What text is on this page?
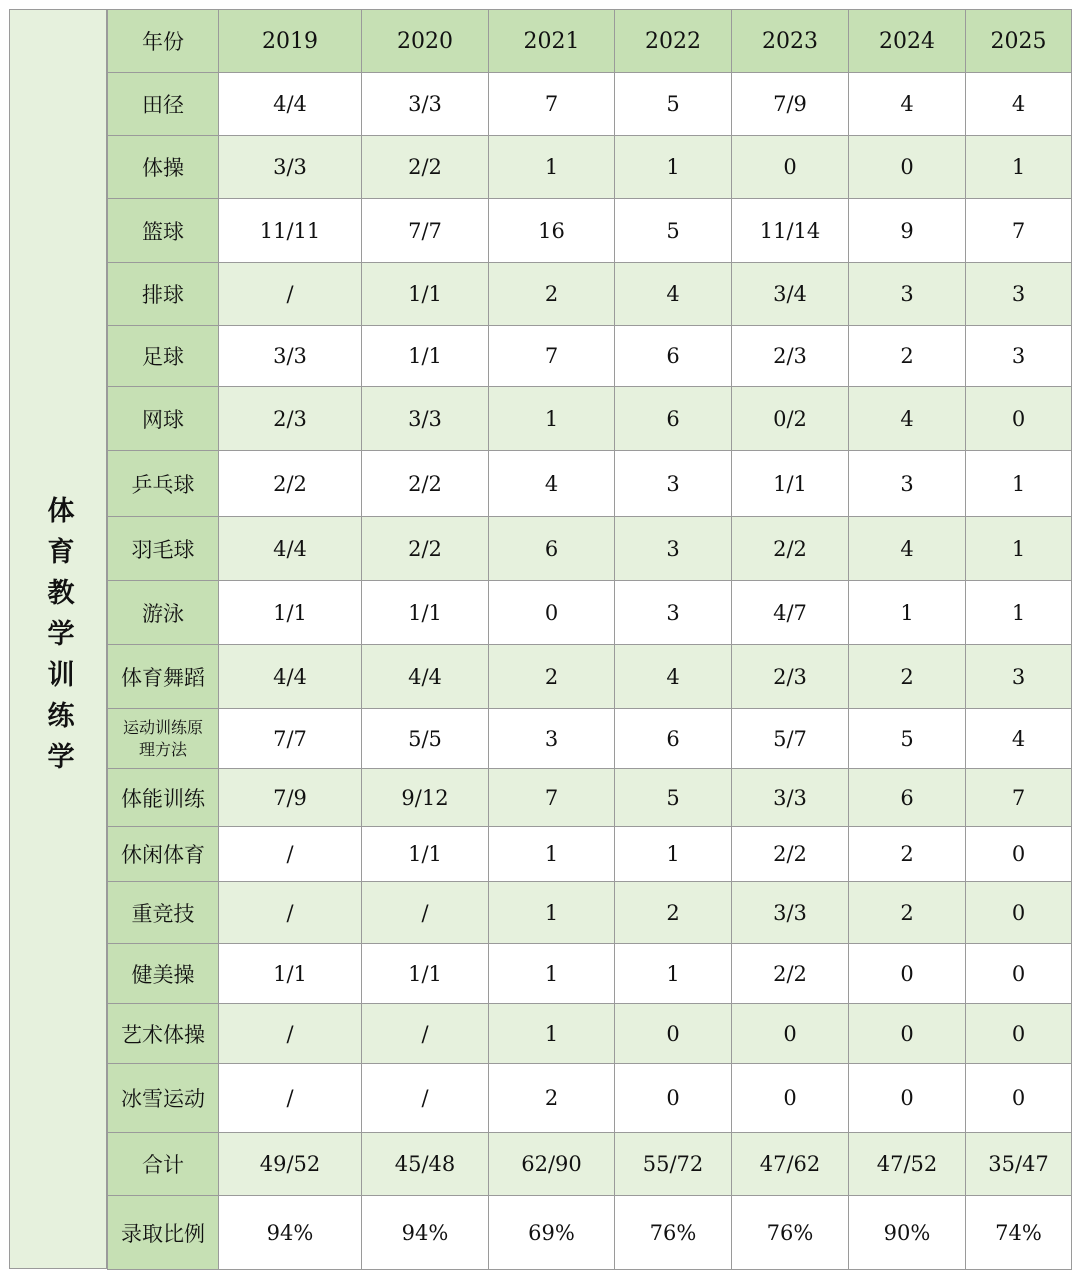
体育教学训练学
年份	2019	2020	2021	2022	2023	2024	2025
田径	4/4	3/3	7	5	7/9	4	4
体操	3/3	2/2	1	1	0	0	1
篮球	11/11	7/7	16	5	11/14	9	7
排球	/	1/1	2	4	3/4	3	3
足球	3/3	1/1	7	6	2/3	2	3
网球	2/3	3/3	1	6	0/2	4	0
乒乓球	2/2	2/2	4	3	1/1	3	1
羽毛球	4/4	2/2	6	3	2/2	4	1
游泳	1/1	1/1	0	3	4/7	1	1
体育舞蹈	4/4	4/4	2	4	2/3	2	3
运动训练原
理方法	7/7	5/5	3	6	5/7	5	4
体能训练	7/9	9/12	7	5	3/3	6	7
休闲体育	/	1/1	1	1	2/2	2	0
重竞技	/	/	1	2	3/3	2	0
健美操	1/1	1/1	1	1	2/2	0	0
艺术体操	/	/	1	0	0	0	0
冰雪运动	/	/	2	0	0	0	0
合计	49/52	45/48	62/90	55/72	47/62	47/52	35/47
录取比例	94%	94%	69%	76%	76%	90%	74%
